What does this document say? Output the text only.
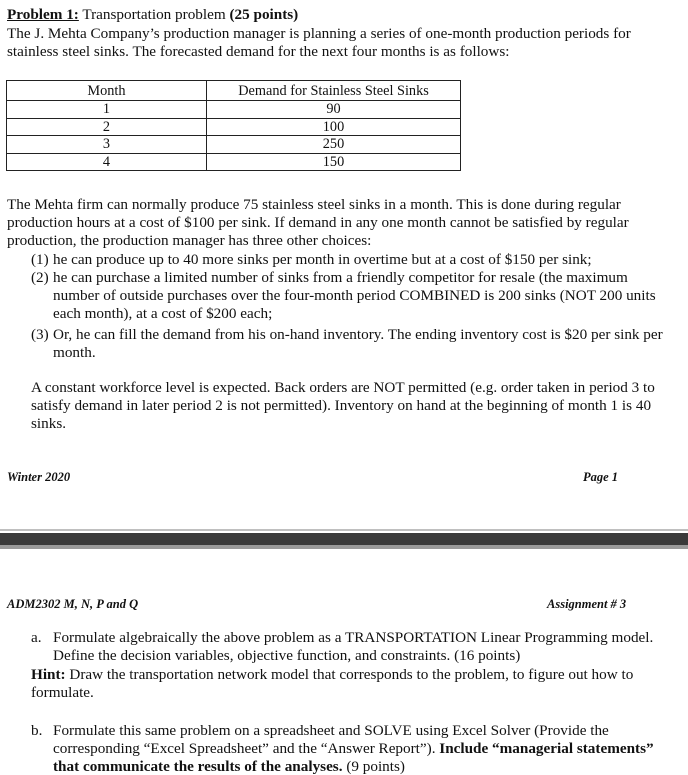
Problem 1: Transportation problem (25 points)
The J. Mehta Company’s production manager is planning a series of one-month production periods for stainless steel sinks. The forecasted demand for the next four months is as follows:
Month	Demand for Stainless Steel Sinks
1	90
2	100
3	250
4	150
The Mehta firm can normally produce 75 stainless steel sinks in a month. This is done during regular production hours at a cost of $100 per sink. If demand in any one month cannot be satisfied by regular production, the production manager has three other choices:
(1) he can produce up to 40 more sinks per month in overtime but at a cost of $150 per sink;
(2) he can purchase a limited number of sinks from a friendly competitor for resale (the maximum number of outside purchases over the four-month period COMBINED is 200 sinks (NOT 200 units each month), at a cost of $200 each;
(3) Or, he can fill the demand from his on-hand inventory. The ending inventory cost is $20 per sink per month.
A constant workforce level is expected. Back orders are NOT permitted (e.g. order taken in period 3 to satisfy demand in later period 2 is not permitted). Inventory on hand at the beginning of month 1 is 40 sinks.
Winter 2020	Page 1
ADM2302 M, N, P and Q	Assignment # 3
a. Formulate algebraically the above problem as a TRANSPORTATION Linear Programming model. Define the decision variables, objective function, and constraints. (16 points)
Hint: Draw the transportation network model that corresponds to the problem, to figure out how to formulate.
b. Formulate this same problem on a spreadsheet and SOLVE using Excel Solver (Provide the corresponding “Excel Spreadsheet” and the “Answer Report”). Include “managerial statements” that communicate the results of the analyses. (9 points)
